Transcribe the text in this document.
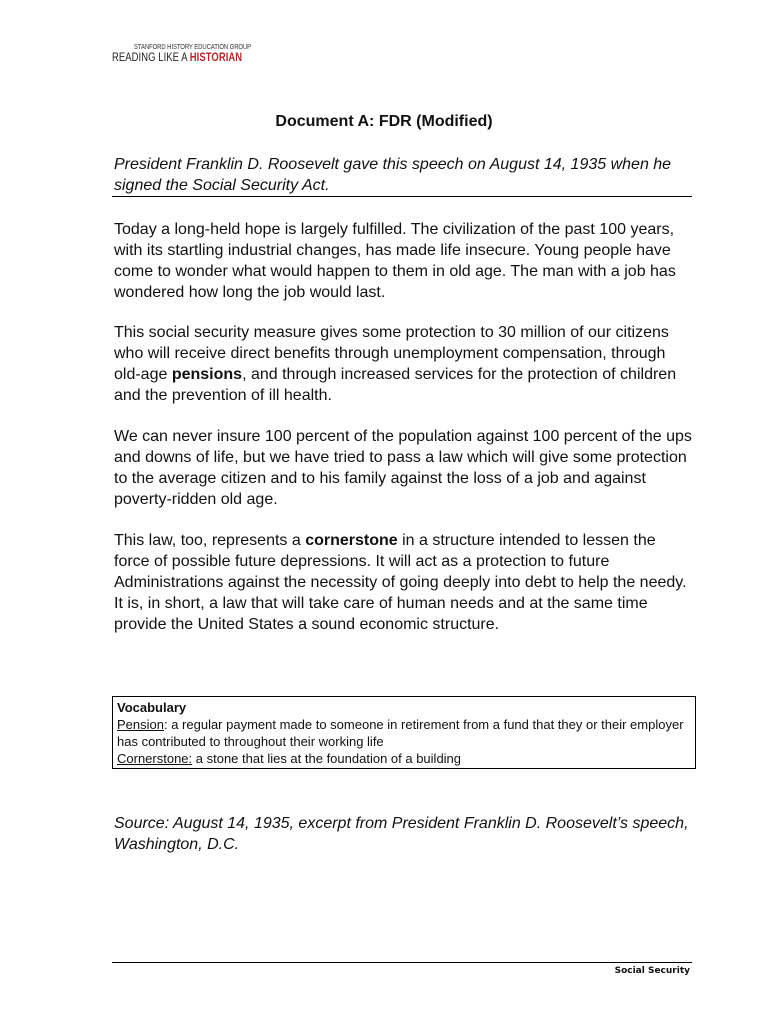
STANFORD HISTORY EDUCATION GROUP
READING LIKE A HISTORIAN
Document A: FDR (Modified)
President Franklin D. Roosevelt gave this speech on August 14, 1935 when he signed the Social Security Act.
Today a long-held hope is largely fulfilled. The civilization of the past 100 years, with its startling industrial changes, has made life insecure. Young people have come to wonder what would happen to them in old age. The man with a job has wondered how long the job would last.
This social security measure gives some protection to 30 million of our citizens who will receive direct benefits through unemployment compensation, through old-age pensions, and through increased services for the protection of children and the prevention of ill health.
We can never insure 100 percent of the population against 100 percent of the ups and downs of life, but we have tried to pass a law which will give some protection to the average citizen and to his family against the loss of a job and against poverty-ridden old age.
This law, too, represents a cornerstone in a structure intended to lessen the force of possible future depressions. It will act as a protection to future Administrations against the necessity of going deeply into debt to help the needy. It is, in short, a law that will take care of human needs and at the same time provide the United States a sound economic structure.
Vocabulary
Pension: a regular payment made to someone in retirement from a fund that they or their employer has contributed to throughout their working life
Cornerstone: a stone that lies at the foundation of a building
Source: August 14, 1935, excerpt from President Franklin D. Roosevelt’s speech, Washington, D.C.
Social Security
